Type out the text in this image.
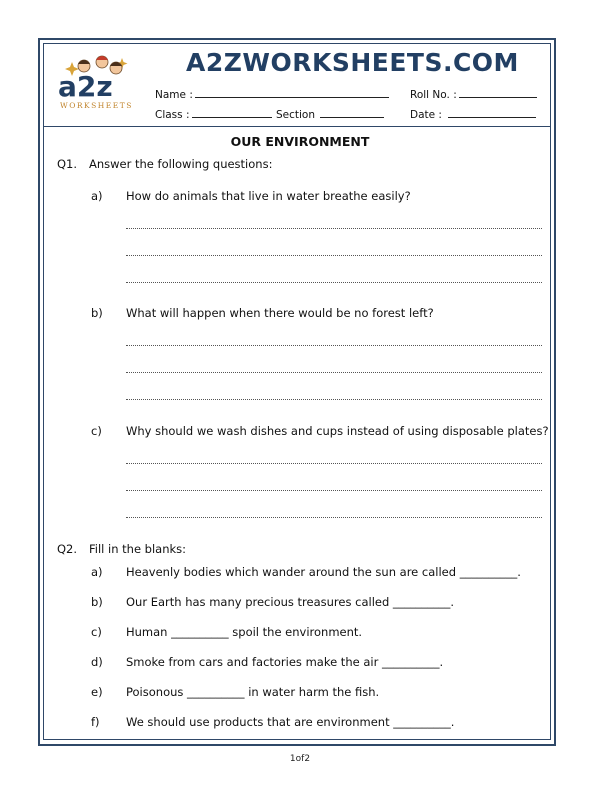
a2z
WORKSHEETS
A2ZWORKSHEETS.COM
Name :	Roll No. :
Class :	Section	Date :
OUR ENVIRONMENT
Q1. Answer the following questions:
a) How do animals that live in water breathe easily?
b) What will happen when there would be no forest left?
c) Why should we wash dishes and cups instead of using disposable plates?
Q2. Fill in the blanks:
a) Heavenly bodies which wander around the sun are called __________.
b) Our Earth has many precious treasures called __________.
c) Human __________ spoil the environment.
d) Smoke from cars and factories make the air __________.
e) Poisonous __________ in water harm the fish.
f) We should use products that are environment __________.
1of2
